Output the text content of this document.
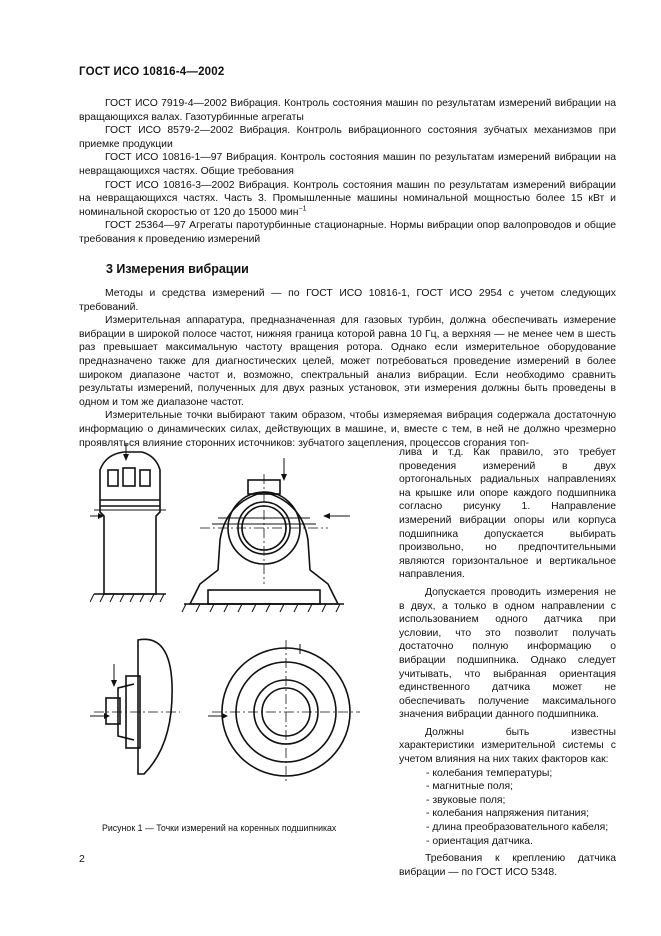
ГОСТ ИСО 10816-4—2002

ГОСТ ИСО 7919-4—2002 Вибрация. Контроль состояния машин по результатам измерений вибрации на вращающихся валах. Газотурбинные агрегаты

ГОСТ ИСО 8579-2—2002 Вибрация. Контроль вибрационного состояния зубчатых механизмов при приемке продукции

ГОСТ ИСО 10816-1—97 Вибрация. Контроль состояния машин по результатам измерений вибрации на невращающихся частях. Общие требования

ГОСТ ИСО 10816-3—2002 Вибрация. Контроль состояния машин по результатам измерений вибрации на невращающихся частях. Часть 3. Промышленные машины номинальной мощностью более 15 кВт и номинальной скоростью от 120 до 15000 мин$^{-1}$

ГОСТ 25364—97 Агрегаты паротурбинные стационарные. Нормы вибрации опор валопроводов и общие требования к проведению измерений

3 Измерения вибрации

Методы и средства измерений — по ГОСТ ИСО 10816-1, ГОСТ ИСО 2954 с учетом следующих требований.

Измерительная аппаратура, предназначенная для газовых турбин, должна обеспечивать измерение вибрации в широкой полосе частот, нижняя граница которой равна 10 Гц, а верхняя — не менее чем в шесть раз превышает максимальную частоту вращения ротора. Однако если измерительное оборудование предназначено также для диагностических целей, может потребоваться проведение измерений в более широком диапазоне частот и, возможно, спектральный анализ вибрации. Если необходимо сравнить результаты измерений, полученных для двух разных установок, эти измерения должны быть проведены в одном и том же диапазоне частот.

Измерительные точки выбирают таким образом, чтобы измеряемая вибрация содержала достаточную информацию о динамических силах, действующих в машине, и, вместе с тем, в ней не должно чрезмерно проявляться влияние сторонних источников: зубчатого зацепления, процессов сгорания топ-

лива и т.д. Как правило, это требует проведения измерений в двух ортогональных радиальных направлениях на крышке или опоре каждого подшипника согласно рисунку 1. Направление измерений вибрации опоры или корпуса подшипника допускается выбирать произвольно, но предпочтительными являются горизонтальное и вертикальное направления.

Допускается проводить измерения не в двух, а только в одном направлении с использованием одного датчика при условии, что это позволит получать достаточно полную информацию о вибрации подшипника. Однако следует учитывать, что выбранная ориентация единственного датчика может не обеспечивать получение максимального значения вибрации данного подшипника.

Должны быть известны характеристики измерительной системы с учетом влияния на них таких факторов как:

- колебания температуры;
- магнитные поля;
- звуковые поля;
- колебания напряжения питания;
- длина преобразовательного кабеля;
- ориентация датчика.

Требования к креплению датчика вибрации — по ГОСТ ИСО 5348.

Рисунок 1 — Точки измерений на коренных подшипниках
2
